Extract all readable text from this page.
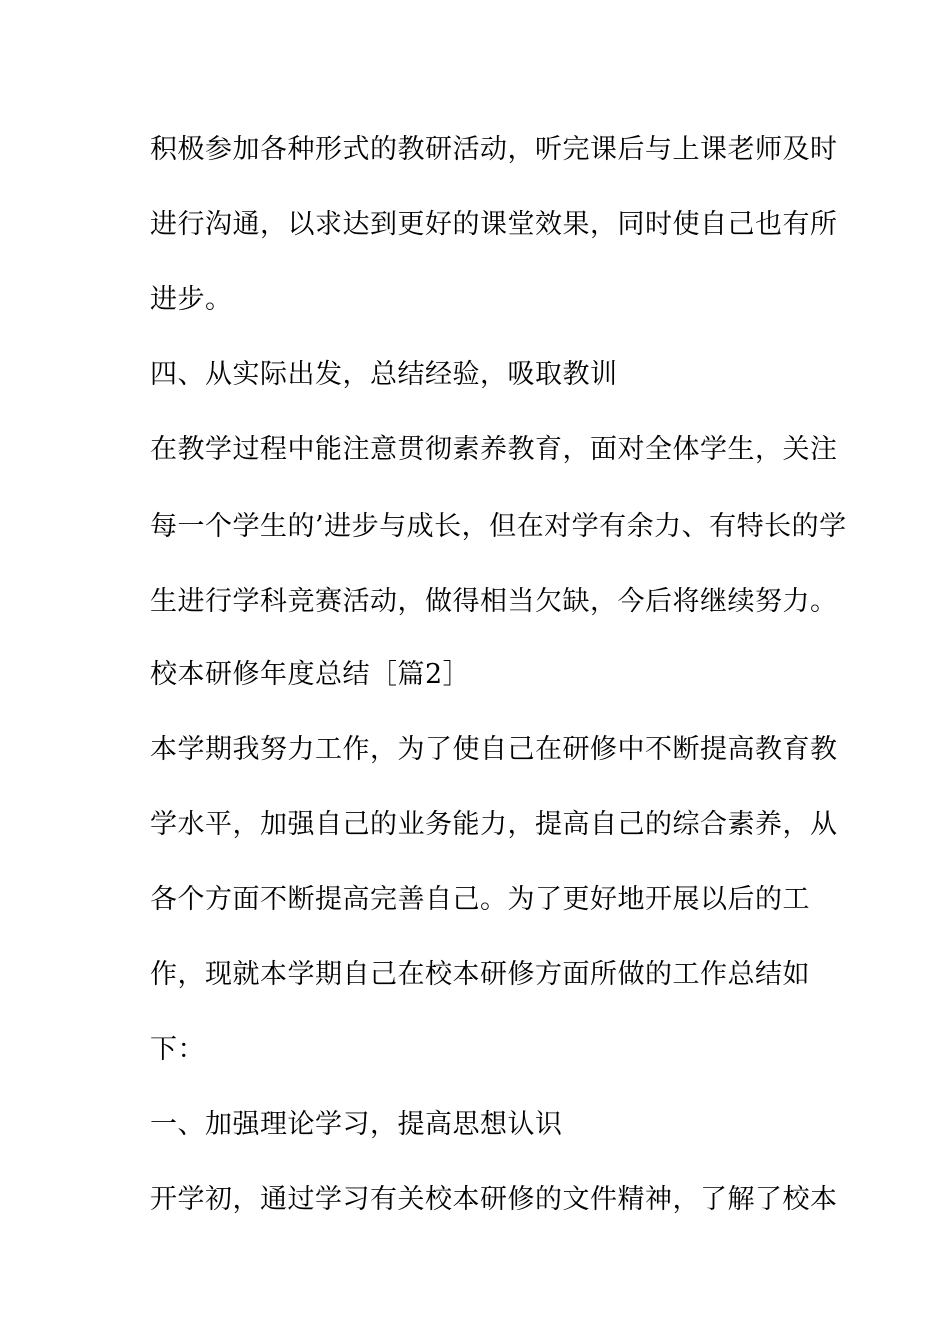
积极参加各种形式的教研活动，听完课后与上课老师及时
进行沟通，以求达到更好的课堂效果，同时使自己也有所
进步。
四、从实际出发，总结经验，吸取教训
在教学过程中能注意贯彻素养教育，面对全体学生，关注
每一个学生的’进步与成长，但在对学有余力、有特长的学
生进行学科竞赛活动，做得相当欠缺，今后将继续努力。
校本研修年度总结［篇2］
本学期我努力工作，为了使自己在研修中不断提高教育教
学水平，加强自己的业务能力，提高自己的综合素养，从
各个方面不断提高完善自己。为了更好地开展以后的工
作，现就本学期自己在校本研修方面所做的工作总结如
下：
一、加强理论学习，提高思想认识
开学初，通过学习有关校本研修的文件精神，了解了校本
